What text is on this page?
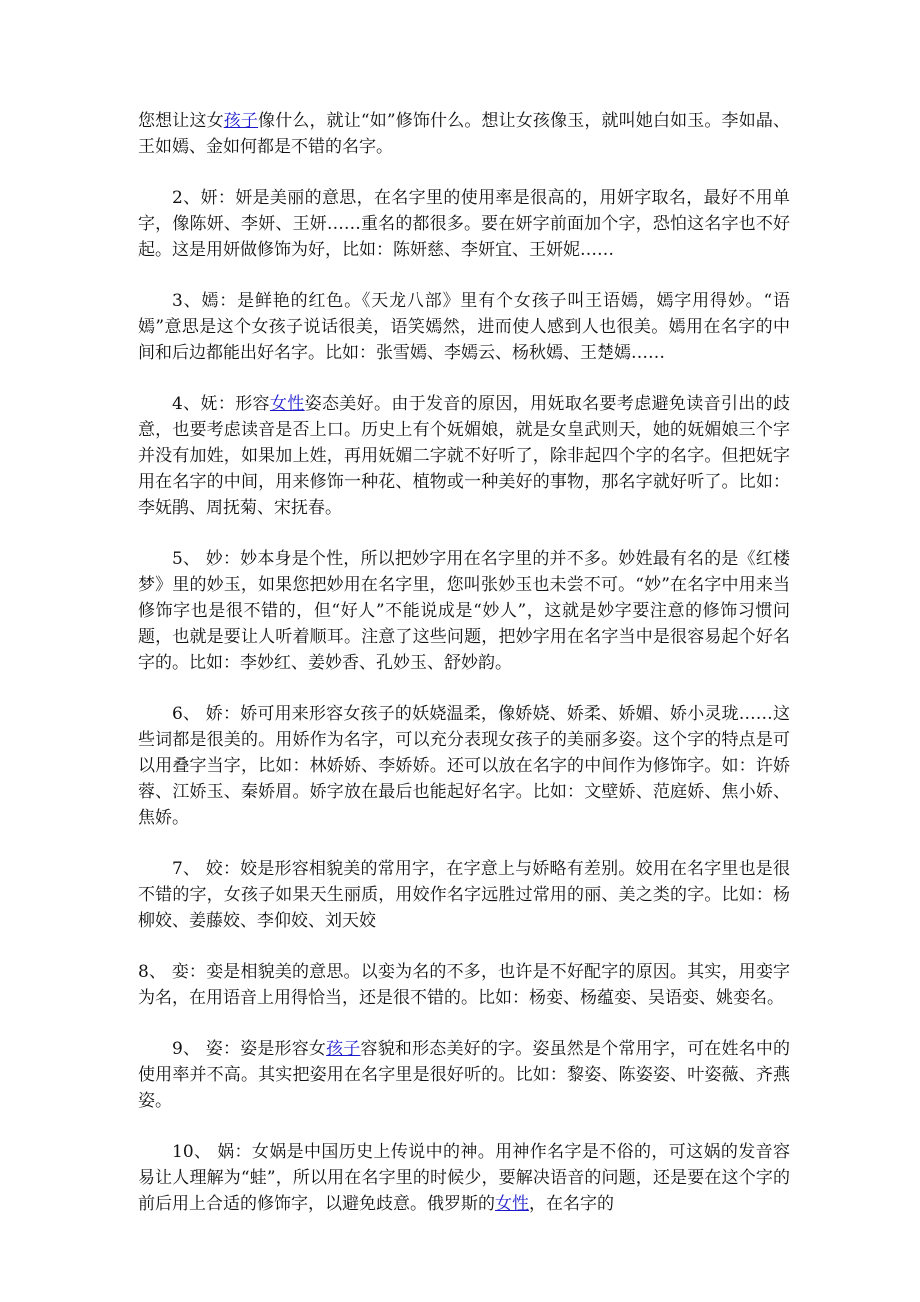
您想让这女孩子像什么，就让“如”修饰什么。想让女孩像玉，就叫她白如玉。李如晶、王如嫣、金如何都是不错的名字。

2、妍：妍是美丽的意思，在名字里的使用率是很高的，用妍字取名，最好不用单字，像陈妍、李妍、王妍……重名的都很多。要在妍字前面加个字，恐怕这名字也不好起。这是用妍做修饰为好，比如：陈妍慈、李妍宜、王妍妮……

3、嫣：是鲜艳的红色。《天龙八部》里有个女孩子叫王语嫣，嫣字用得妙。“语嫣”意思是这个女孩子说话很美，语笑嫣然，进而使人感到人也很美。嫣用在名字的中间和后边都能出好名字。比如：张雪嫣、李嫣云、杨秋嫣、王楚嫣……

4、妩：形容女性姿态美好。由于发音的原因，用妩取名要考虑避免读音引出的歧意，也要考虑读音是否上口。历史上有个妩媚娘，就是女皇武则天，她的妩媚娘三个字并没有加姓，如果加上姓，再用妩媚二字就不好听了，除非起四个字的名字。但把妩字用在名字的中间，用来修饰一种花、植物或一种美好的事物，那名字就好听了。比如：李妩鹃、周抚菊、宋抚春。

5、 妙：妙本身是个性，所以把妙字用在名字里的并不多。妙姓最有名的是《红楼梦》里的妙玉，如果您把妙用在名字里，您叫张妙玉也未尝不可。“妙”在名字中用来当修饰字也是很不错的，但“好人”不能说成是“妙人”，这就是妙字要注意的修饰习惯问题，也就是要让人听着顺耳。注意了这些问题，把妙字用在名字当中是很容易起个好名字的。比如：李妙红、姜妙香、孔妙玉、舒妙韵。

6、 娇：娇可用来形容女孩子的妖娆温柔，像娇娆、娇柔、娇媚、娇小灵珑……这些词都是很美的。用娇作为名字，可以充分表现女孩子的美丽多姿。这个字的特点是可以用叠字当字，比如：林娇娇、李娇娇。还可以放在名字的中间作为修饰字。如：许娇蓉、江娇玉、秦娇眉。娇字放在最后也能起好名字。比如：文壁娇、范庭娇、焦小娇、焦娇。

7、 姣：姣是形容相貌美的常用字，在字意上与娇略有差别。姣用在名字里也是很不错的字，女孩子如果天生丽质，用姣作名字远胜过常用的丽、美之类的字。比如：杨柳姣、姜藤姣、李仰姣、刘天姣

8、 娈：娈是相貌美的意思。以娈为名的不多，也许是不好配字的原因。其实，用娈字为名，在用语音上用得恰当，还是很不错的。比如：杨娈、杨蕴娈、吴语娈、姚娈名。

9、 姿：姿是形容女孩子容貌和形态美好的字。姿虽然是个常用字，可在姓名中的使用率并不高。其实把姿用在名字里是很好听的。比如：黎姿、陈姿姿、叶姿薇、齐燕姿。

10、 娲：女娲是中国历史上传说中的神。用神作名字是不俗的，可这娲的发音容易让人理解为“蛙”，所以用在名字里的时候少，要解决语音的问题，还是要在这个字的前后用上合适的修饰字，以避免歧意。俄罗斯的女性，在名字的
